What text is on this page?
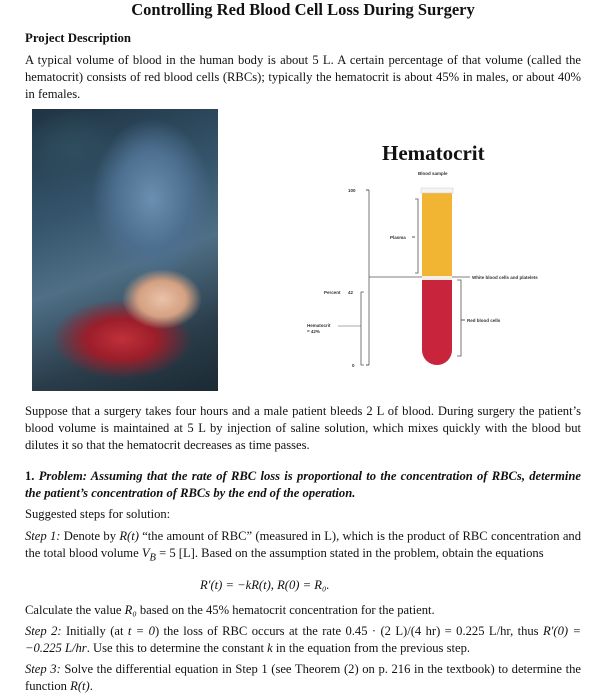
Controlling Red Blood Cell Loss During Surgery
Project Description
A typical volume of blood in the human body is about 5 L. A certain percentage of that volume (called the hematocrit) consists of red blood cells (RBCs); typically the hematocrit is about 45% in males, or about 40% in females.
Hematocrit
Blood sample
100
0
White blood cells and platelets
Plasma
Red blood cells
Percent 42
Hematocrit
= 42%
Suppose that a surgery takes four hours and a male patient bleeds 2 L of blood. During surgery the patient’s blood volume is maintained at 5 L by injection of saline solution, which mixes quickly with the blood but dilutes it so that the hematocrit decreases as time passes.
1. Problem: Assuming that the rate of RBC loss is proportional to the concentration of RBCs, determine the patient’s concentration of RBCs by the end of the operation.
Suggested steps for solution:
Step 1: Denote by R(t) “the amount of RBC” (measured in L), which is the product of RBC concentration and the total blood volume $V_B = 5$ [L]. Based on the assumption stated in the problem, obtain the equations
R′(t) = −kR(t), R(0) = R₀.
Calculate the value R₀ based on the 45% hematocrit concentration for the patient.
Step 2: Initially (at t = 0) the loss of RBC occurs at the rate 0.45 · (2 L)/(4 hr) = 0.225 L/hr, thus R′(0) = −0.225 L/hr. Use this to determine the constant k in the equation from the previous step.
Step 3: Solve the differential equation in Step 1 (see Theorem (2) on p. 216 in the textbook) to determine the function R(t).
